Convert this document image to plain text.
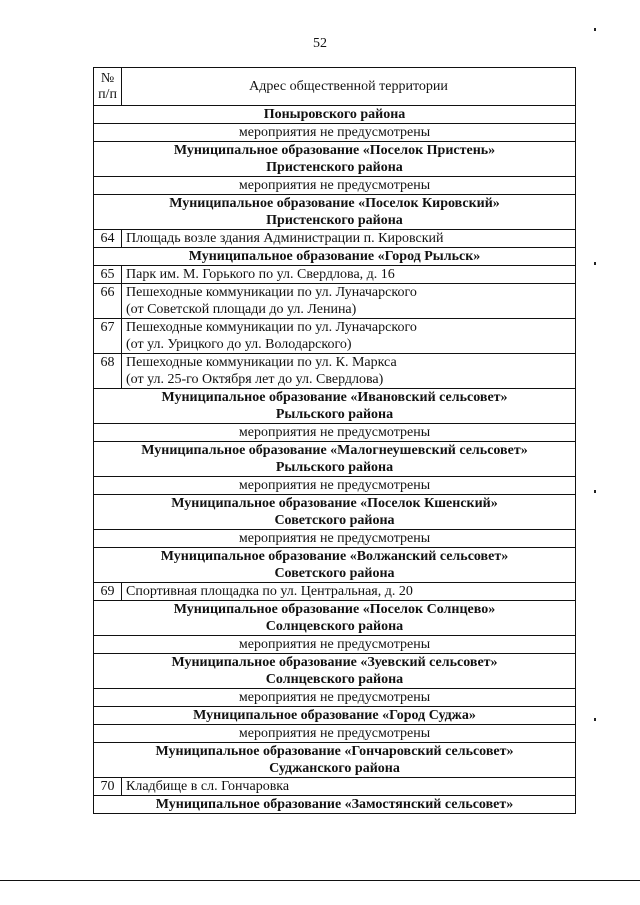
52
№
п/п	Адрес общественной территории
Поныровского района	
мероприятия не предусмотрены	
Муниципальное образование «Поселок Пристень»
Пристенского района	
мероприятия не предусмотрены	
Муниципальное образование «Поселок Кировский»
Пристенского района	
64	Площадь возле здания Администрации п. Кировский
Муниципальное образование «Город Рыльск»	
65	Парк им. М. Горького по ул. Свердлова, д. 16
66	Пешеходные коммуникации по ул. Луначарского
(от Советской площади до ул. Ленина)
67	Пешеходные коммуникации по ул. Луначарского
(от ул. Урицкого до ул. Володарского)
68	Пешеходные коммуникации по ул. К. Маркса
(от ул. 25-го Октября лет до ул. Свердлова)
Муниципальное образование «Ивановский сельсовет»
Рыльского района	
мероприятия не предусмотрены	
Муниципальное образование «Малогнеушевский сельсовет»
Рыльского района	
мероприятия не предусмотрены	
Муниципальное образование «Поселок Кшенский»
Советского района	
мероприятия не предусмотрены	
Муниципальное образование «Волжанский сельсовет»
Советского района	
69	Спортивная площадка по ул. Центральная, д. 20
Муниципальное образование «Поселок Солнцево»
Солнцевского района	
мероприятия не предусмотрены	
Муниципальное образование «Зуевский сельсовет»
Солнцевского района	
мероприятия не предусмотрены	
Муниципальное образование «Город Суджа»	
мероприятия не предусмотрены	
Муниципальное образование «Гончаровский сельсовет»
Суджанского района	
70	Кладбище в сл. Гончаровка
Муниципальное образование «Замостянский сельсовет»	
